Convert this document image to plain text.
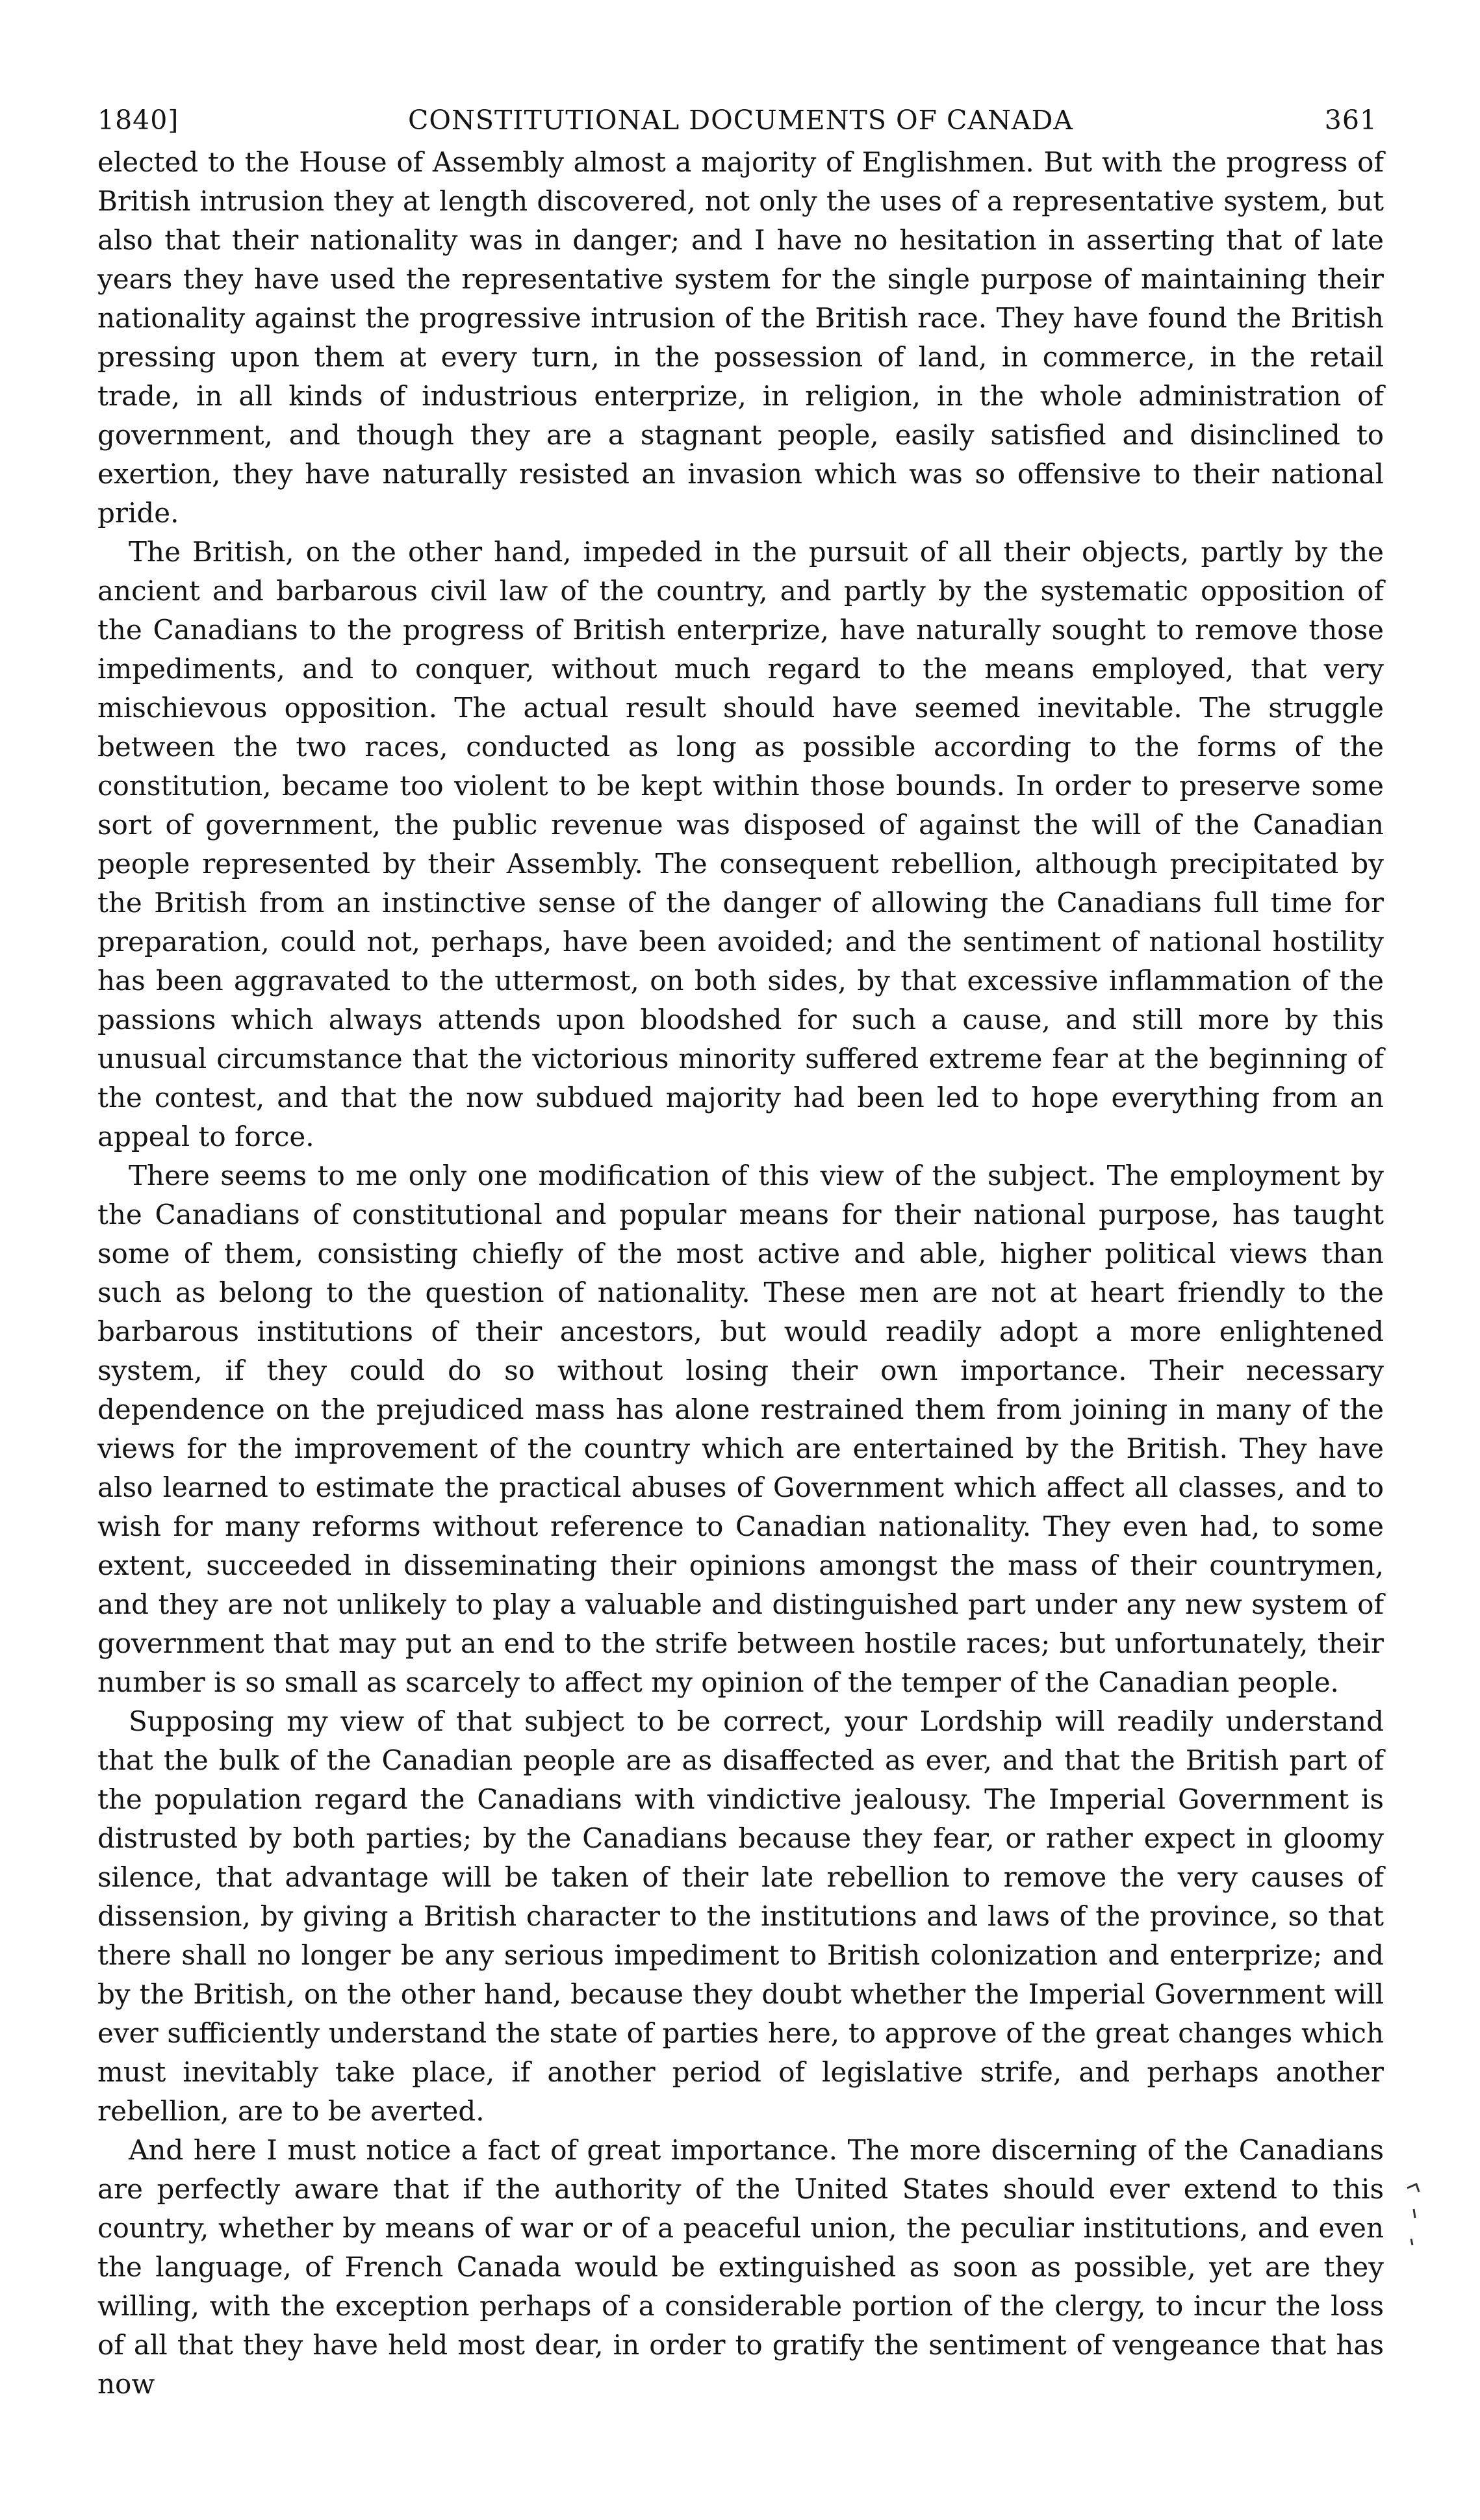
1840]	CONSTITUTIONAL DOCUMENTS OF CANADA	361

elected to the House of Assembly almost a majority of Englishmen. But with the progress of British intrusion they at length discovered, not only the uses of a representative system, but also that their nationality was in danger; and I have no hesitation in asserting that of late years they have used the representative system for the single purpose of maintaining their nationality against the progressive intrusion of the British race. They have found the British pressing upon them at every turn, in the possession of land, in commerce, in the retail trade, in all kinds of industrious enterprize, in religion, in the whole administration of government, and though they are a stagnant people, easily satisfied and disinclined to exertion, they have naturally resisted an invasion which was so offensive to their national pride.

The British, on the other hand, impeded in the pursuit of all their objects, partly by the ancient and barbarous civil law of the country, and partly by the systematic opposition of the Canadians to the progress of British enterprize, have naturally sought to remove those impediments, and to conquer, without much regard to the means employed, that very mischievous opposition. The actual result should have seemed inevitable. The struggle between the two races, conducted as long as possible according to the forms of the constitution, became too violent to be kept within those bounds. In order to preserve some sort of government, the public revenue was disposed of against the will of the Canadian people represented by their Assembly. The consequent rebellion, although precipitated by the British from an instinctive sense of the danger of allowing the Canadians full time for preparation, could not, perhaps, have been avoided; and the sentiment of national hostility has been aggravated to the uttermost, on both sides, by that excessive inflammation of the passions which always attends upon bloodshed for such a cause, and still more by this unusual circumstance that the victorious minority suffered extreme fear at the beginning of the contest, and that the now subdued majority had been led to hope everything from an appeal to force.

There seems to me only one modification of this view of the subject. The employment by the Canadians of constitutional and popular means for their national purpose, has taught some of them, consisting chiefly of the most active and able, higher political views than such as belong to the question of nationality. These men are not at heart friendly to the barbarous institutions of their ancestors, but would readily adopt a more enlightened system, if they could do so without losing their own importance. Their necessary dependence on the prejudiced mass has alone restrained them from joining in many of the views for the improvement of the country which are entertained by the British. They have also learned to estimate the practical abuses of Government which affect all classes, and to wish for many reforms without reference to Canadian nationality. They even had, to some extent, succeeded in disseminating their opinions amongst the mass of their countrymen, and they are not unlikely to play a valuable and distinguished part under any new system of government that may put an end to the strife between hostile races; but unfortunately, their number is so small as scarcely to affect my opinion of the temper of the Canadian people.

Supposing my view of that subject to be correct, your Lordship will readily understand that the bulk of the Canadian people are as disaffected as ever, and that the British part of the population regard the Canadians with vindictive jealousy. The Imperial Government is distrusted by both parties; by the Canadians because they fear, or rather expect in gloomy silence, that advantage will be taken of their late rebellion to remove the very causes of dissension, by giving a British character to the institutions and laws of the province, so that there shall no longer be any serious impediment to British colonization and enterprize; and by the British, on the other hand, because they doubt whether the Imperial Government will ever sufficiently understand the state of parties here, to approve of the great changes which must inevitably take place, if another period of legislative strife, and perhaps another rebellion, are to be averted.

And here I must notice a fact of great importance. The more discerning of the Canadians are perfectly aware that if the authority of the United States should ever extend to this country, whether by means of war or of a peaceful union, the peculiar institutions, and even the language, of French Canada would be extinguished as soon as possible, yet are they willing, with the exception perhaps of a considerable portion of the clergy, to incur the loss of all that they have held most dear, in order to gratify the sentiment of vengeance that has now
